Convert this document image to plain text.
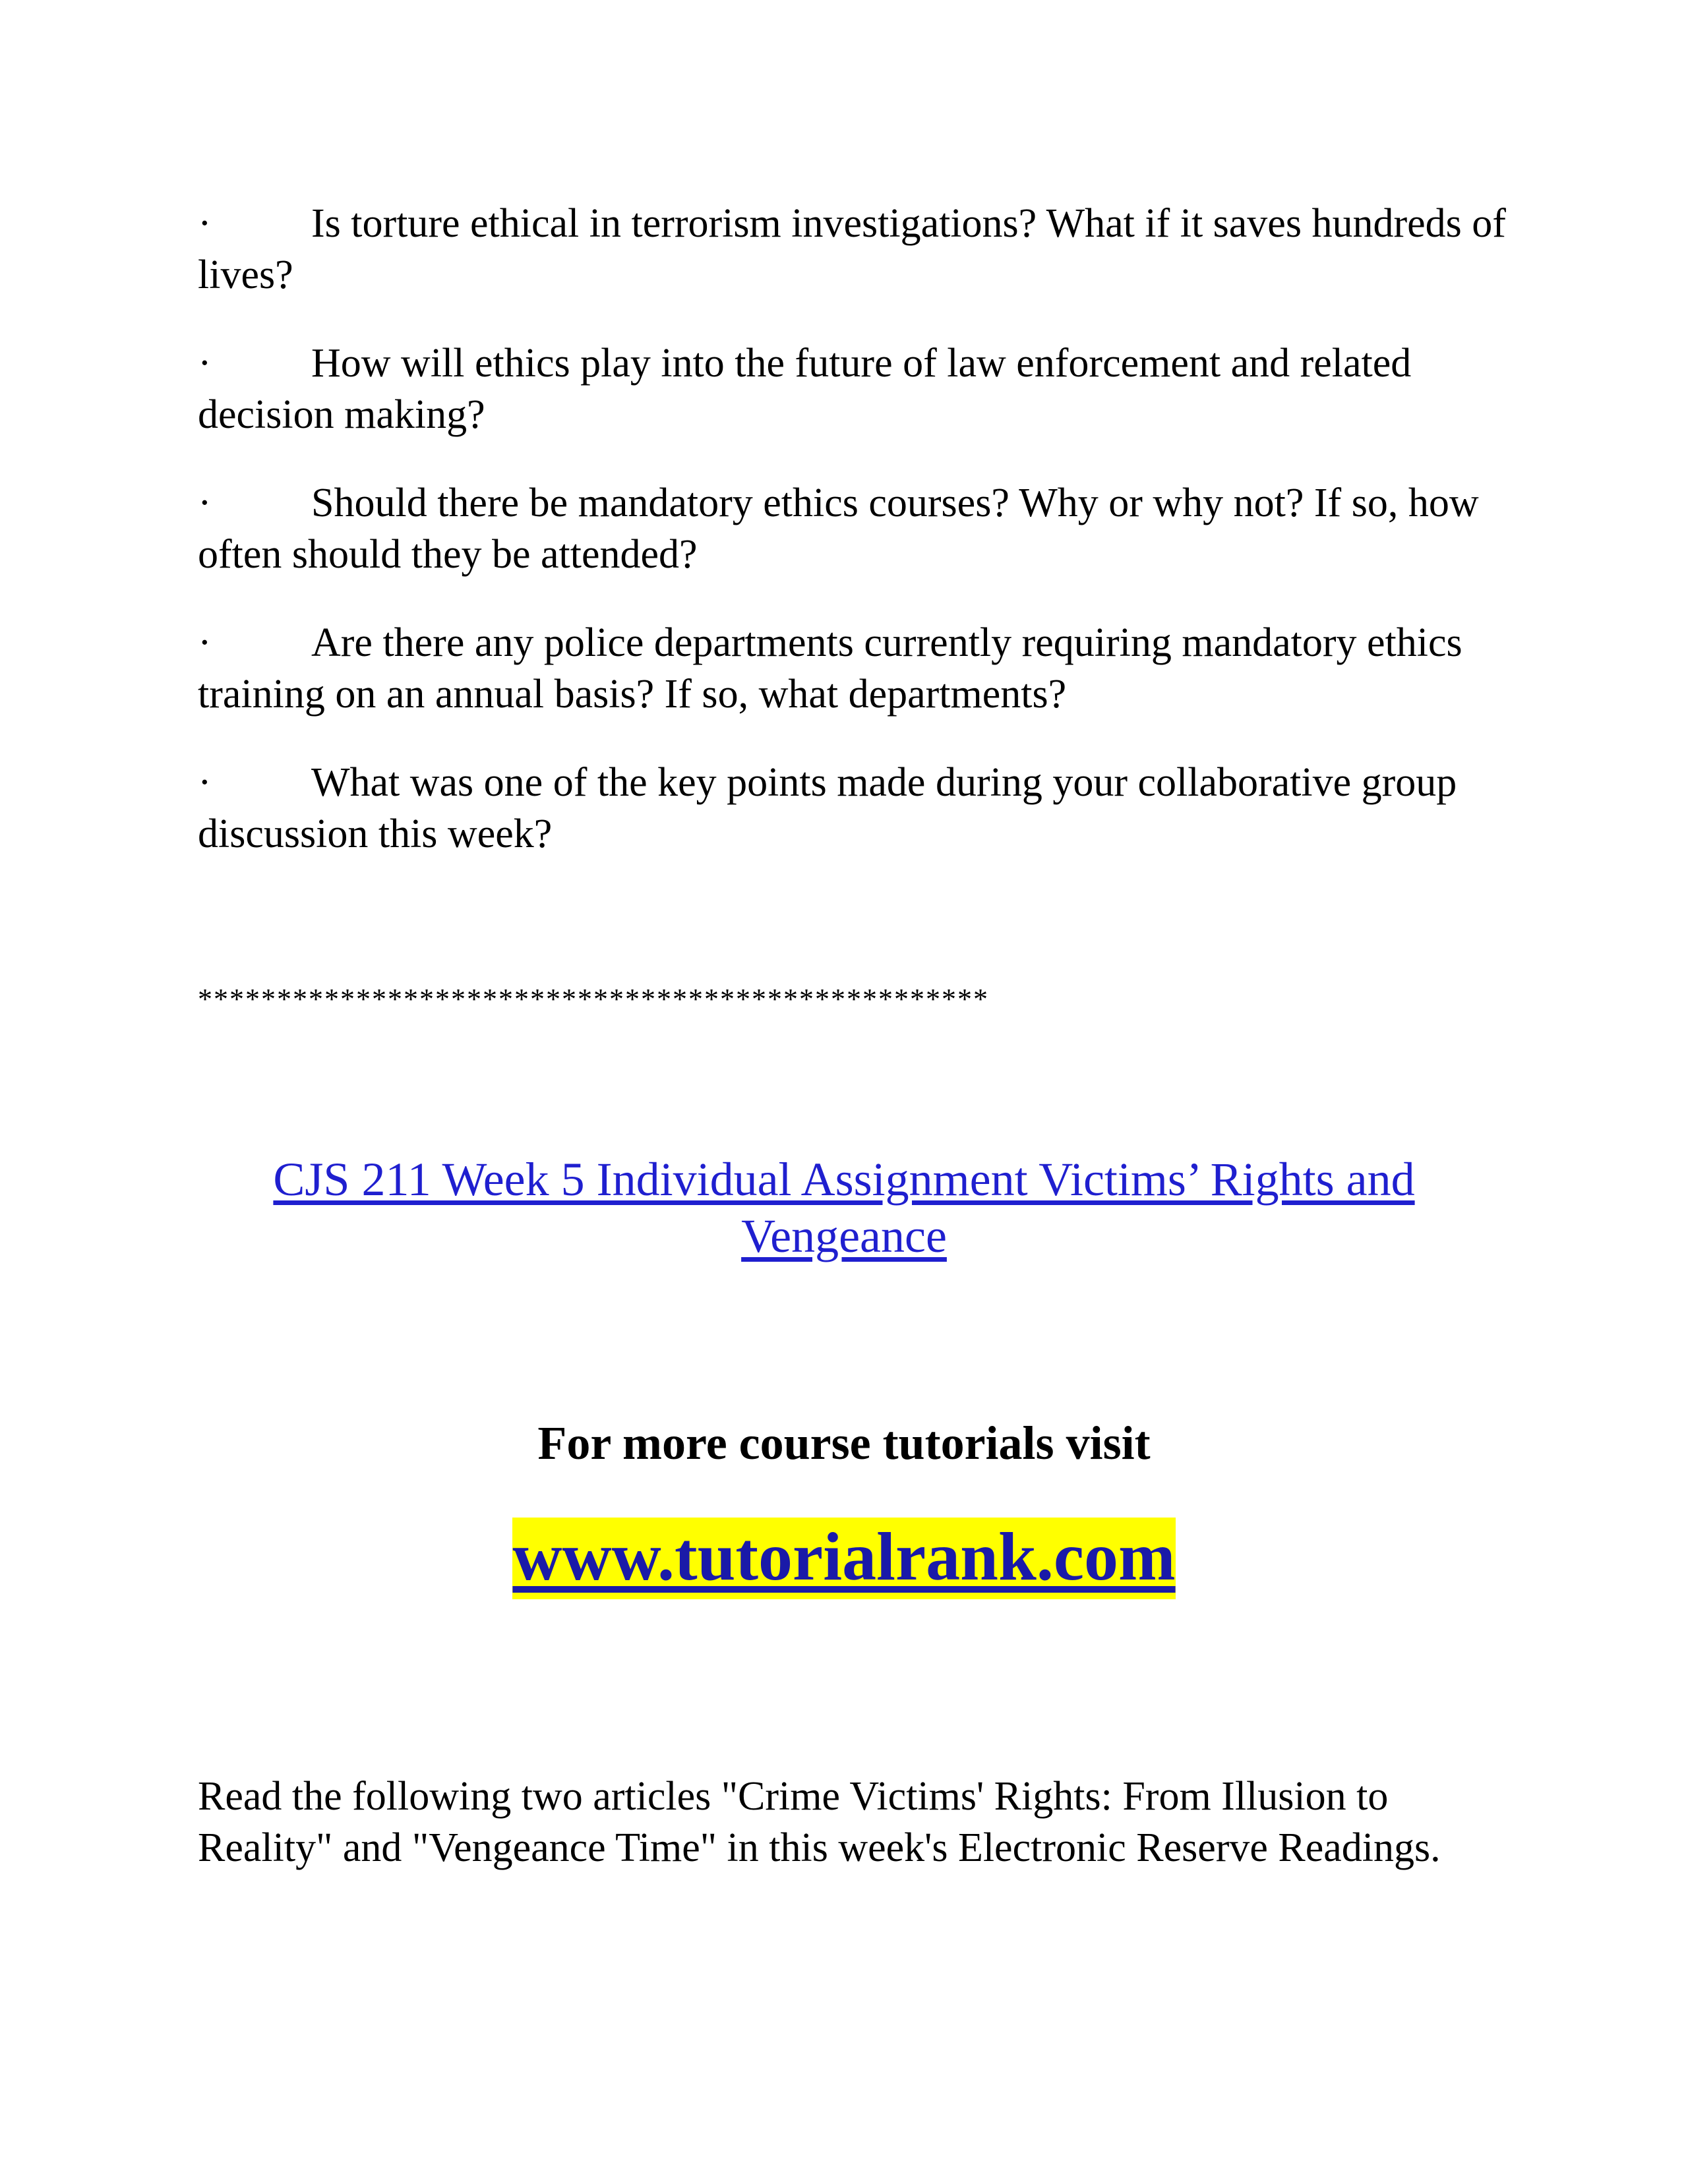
· Is torture ethical in terrorism investigations? What if it saves hundreds of lives?

· How will ethics play into the future of law enforcement and related decision making?

· Should there be mandatory ethics courses? Why or why not? If so, how often should they be attended?

· Are there any police departments currently requiring mandatory ethics training on an annual basis? If so, what departments?

· What was one of the key points made during your collaborative group discussion this week?

**************************************************
CJS 211 Week 5 Individual Assignment Victims’ Rights and
Vengeance
For more course tutorials visit
www.tutorialrank.com

Read the following two articles "Crime Victims' Rights: From Illusion to Reality" and "Vengeance Time" in this week's Electronic Reserve Readings.
